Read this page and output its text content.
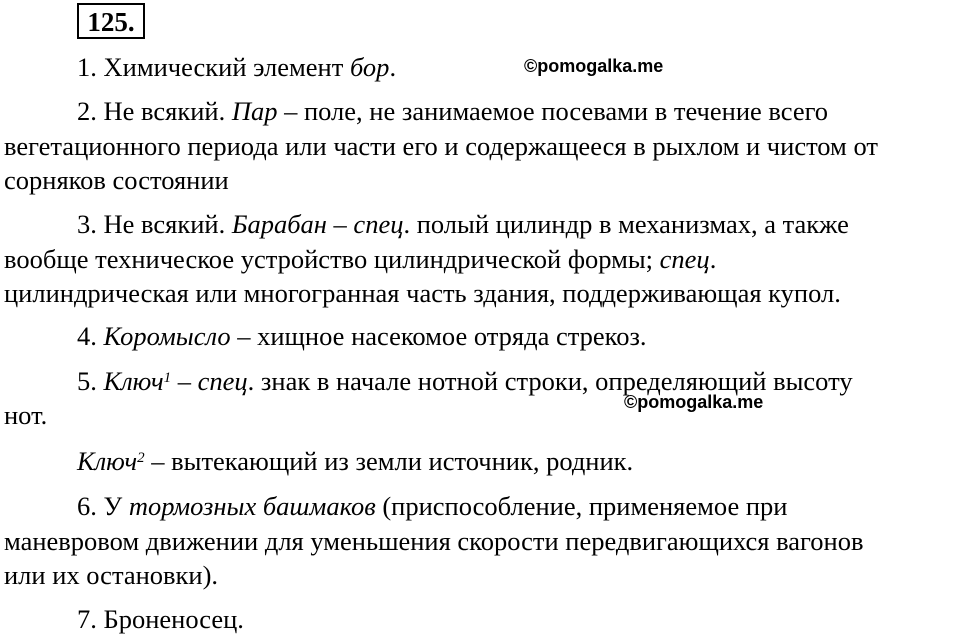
125.
1. Химический элемент бор.	©pomogalka.me
2. Не всякий. Пар – поле, не занимаемое посевами в течение всего
вегетационного периода или части его и содержащееся в рыхлом и чистом от
сорняков состоянии
3. Не всякий. Барабан – спец. полый цилиндр в механизмах, а также
вообще техническое устройство цилиндрической формы; спец.
цилиндрическая или многогранная часть здания, поддерживающая купол.
4. Коромысло – хищное насекомое отряда стрекоз.
5. Ключ$^1$ – спец. знак в начале нотной строки, определяющий высоту
нот.	©pomogalka.me
Ключ$^2$ – вытекающий из земли источник, родник.
6. У тормозных башмаков (приспособление, применяемое при
маневровом движении для уменьшения скорости передвигающихся вагонов
или их остановки).
7. Броненосец.
